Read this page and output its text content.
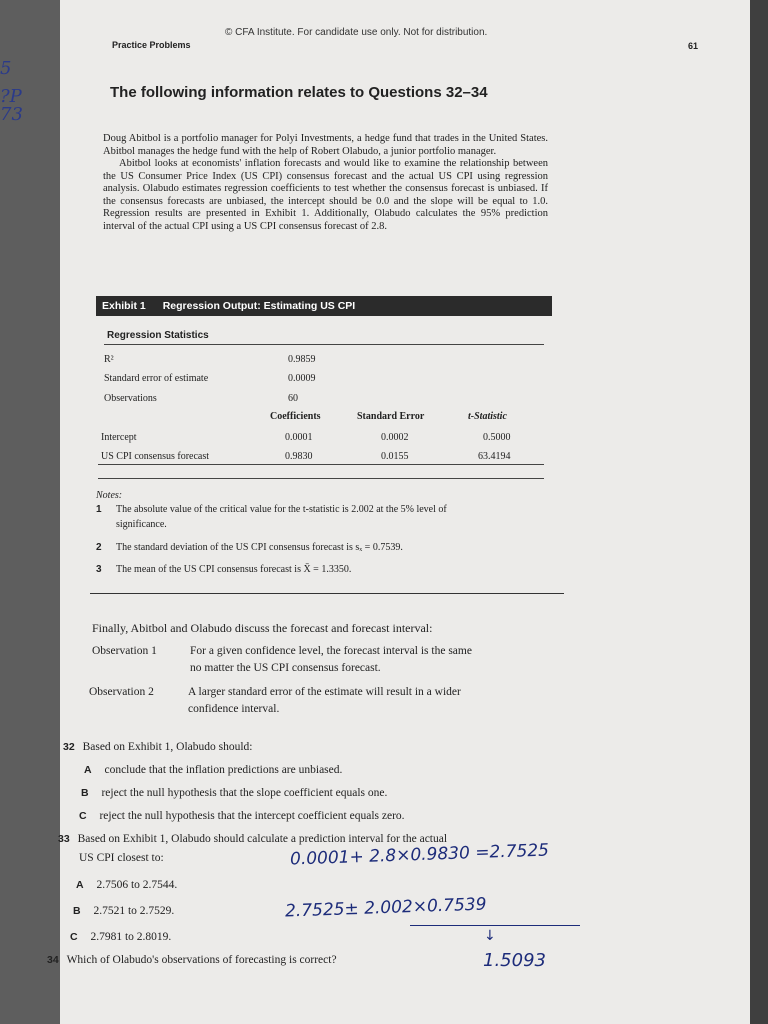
5
?P
73
© CFA Institute. For candidate use only. Not for distribution.
Practice Problems	61
The following information relates to Questions 32–34

Doug Abitbol is a portfolio manager for Polyi Investments, a hedge fund that trades in the United States. Abitbol manages the hedge fund with the help of Robert Olabudo, a junior portfolio manager.

Abitbol looks at economists' inflation forecasts and would like to examine the relationship between the US Consumer Price Index (US CPI) consensus forecast and the actual US CPI using regression analysis. Olabudo estimates regression coefficients to test whether the consensus forecast is unbiased. If the consensus forecasts are unbiased, the intercept should be 0.0 and the slope will be equal to 1.0. Regression results are presented in Exhibit 1. Additionally, Olabudo calculates the 95% prediction interval of the actual CPI using a US CPI consensus forecast of 2.8.

Exhibit 1 Regression Output: Estimating US CPI
Regression Statistics
R²	0.9859
Standard error of estimate	0.0009
Observations	60
Coefficients	Standard Error	t-Statistic
Intercept	0.0001	0.0002	0.5000
US CPI consensus forecast	0.9830	0.0155	63.4194
Notes:
1 The absolute value of the critical value for the t-statistic is 2.002 at the 5% level of
significance.
2 The standard deviation of the US CPI consensus forecast is sₓ = 0.7539.
3 The mean of the US CPI consensus forecast is X̄ = 1.3350.
Finally, Abitbol and Olabudo discuss the forecast and forecast interval:
Observation 1	For a given confidence level, the forecast interval is the same
no matter the US CPI consensus forecast.
Observation 2	A larger standard error of the estimate will result in a wider
confidence interval.
32 Based on Exhibit 1, Olabudo should:
A conclude that the inflation predictions are unbiased.
B reject the null hypothesis that the slope coefficient equals one.
C reject the null hypothesis that the intercept coefficient equals zero.
33 Based on Exhibit 1, Olabudo should calculate a prediction interval for the actual
US CPI closest to:
A 2.7506 to 2.7544.
B 2.7521 to 2.7529.
C 2.7981 to 2.8019.
34 Which of Olabudo's observations of forecasting is correct?
0.0001+ 2.8×0.9830 =2.7525
2.7525± 2.002×0.7539
↓
1.5093
